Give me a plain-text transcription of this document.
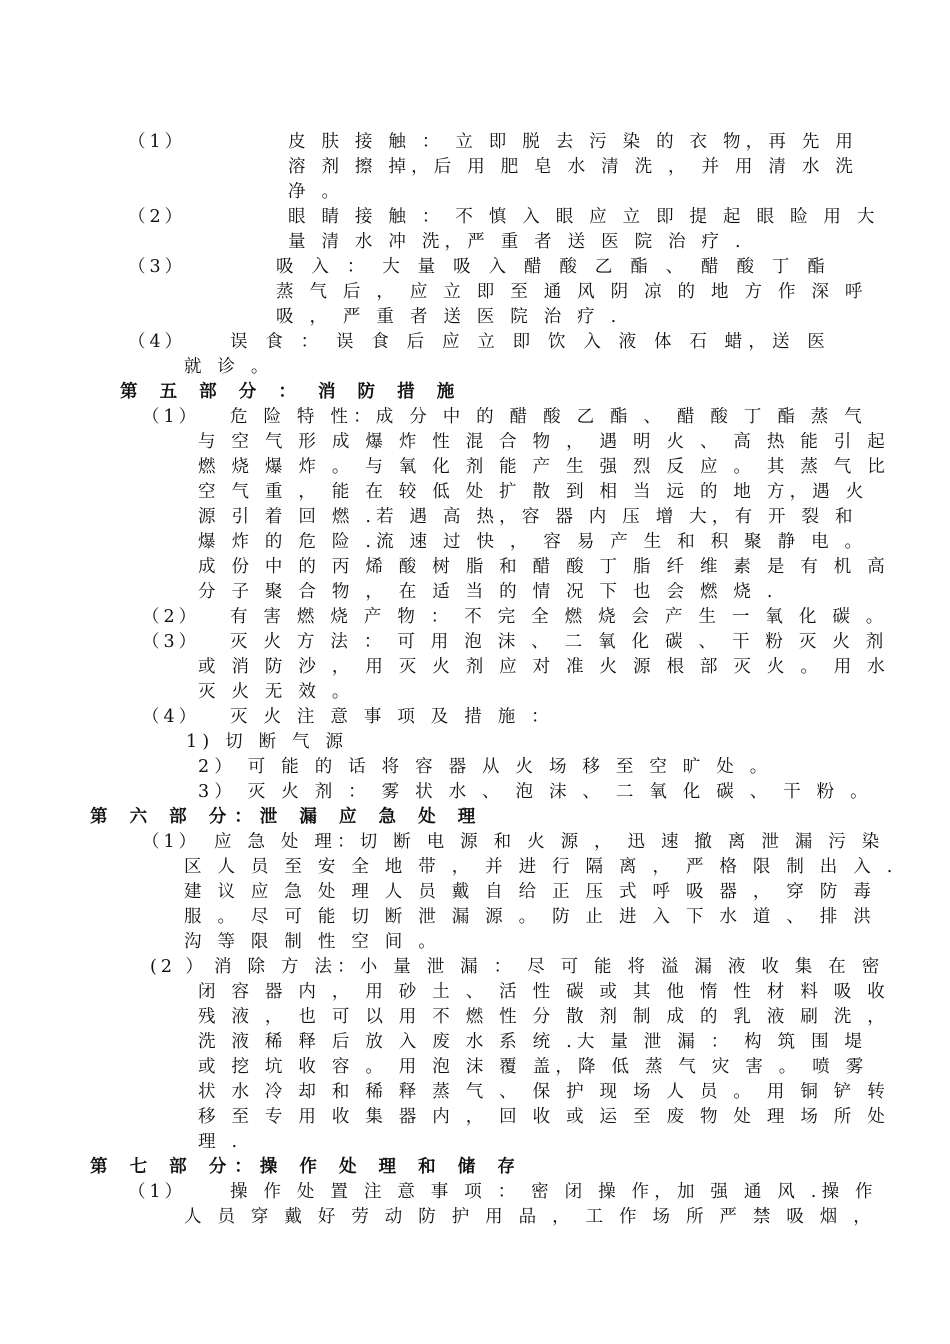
（1）	皮 肤 接 触 ： 立 即 脱 去 污 染 的 衣 物，再 先 用
溶 剂 擦 掉，后 用 肥 皂 水 清 洗 ， 并 用 清 水 洗
净 。
（2）	眼 睛 接 触 ： 不 慎 入 眼 应 立 即 提 起 眼 睑 用 大
量 清 水 冲 洗，严 重 者 送 医 院 治 疗 .
（3）	吸 入 ： 大 量 吸 入 醋 酸 乙 酯 、 醋 酸 丁 酯
蒸 气 后 ， 应 立 即 至 通 风 阴 凉 的 地 方 作 深 呼
吸 ， 严 重 者 送 医 院 治 疗 .
（4）	误 食 ： 误 食 后 应 立 即 饮 入 液 体 石 蜡，送 医
就 诊 。
第 五 部 分 ： 消 防 措 施
（1） 危 险 特 性：成 分 中 的 醋 酸 乙 酯 、 醋 酸 丁 酯 蒸 气
与 空 气 形 成 爆 炸 性 混 合 物 ， 遇 明 火 、 高 热 能 引 起
燃 烧 爆 炸 。 与 氧 化 剂 能 产 生 强 烈 反 应 。 其 蒸 气 比
空 气 重 ， 能 在 较 低 处 扩 散 到 相 当 远 的 地 方，遇 火
源 引 着 回 燃 .若 遇 高 热，容 器 内 压 增 大，有 开 裂 和
爆 炸 的 危 险 .流 速 过 快 ， 容 易 产 生 和 积 聚 静 电 。
成 份 中 的 丙 烯 酸 树 脂 和 醋 酸 丁 脂 纤 维 素 是 有 机 高
分 子 聚 合 物 ， 在 适 当 的 情 况 下 也 会 燃 烧 .
（2） 有 害 燃 烧 产 物 ： 不 完 全 燃 烧 会 产 生 一 氧 化 碳 。
（3） 灭 火 方 法 ： 可 用 泡 沫 、 二 氧 化 碳 、 干 粉 灭 火 剂
或 消 防 沙 ， 用 灭 火 剂 应 对 准 火 源 根 部 灭 火 。 用 水
灭 火 无 效 。
（4） 灭 火 注 意 事 项 及 措 施 ：
1) 切 断 气 源
2） 可 能 的 话 将 容 器 从 火 场 移 至 空 旷 处 。
3） 灭 火 剂 ： 雾 状 水 、 泡 沫 、 二 氧 化 碳 、 干 粉 。
第 六 部 分：泄 漏 应 急 处 理
（1） 应 急 处 理：切 断 电 源 和 火 源 ， 迅 速 撤 离 泄 漏 污 染
区 人 员 至 安 全 地 带 ， 并 进 行 隔 离 ， 严 格 限 制 出 入 .
建 议 应 急 处 理 人 员 戴 自 给 正 压 式 呼 吸 器 ， 穿 防 毒
服 。 尽 可 能 切 断 泄 漏 源 。 防 止 进 入 下 水 道 、 排 洪
沟 等 限 制 性 空 间 。
(2 ） 消 除 方 法：小 量 泄 漏 ： 尽 可 能 将 溢 漏 液 收 集 在 密
闭 容 器 内 ， 用 砂 土 、 活 性 碳 或 其 他 惰 性 材 料 吸 收
残 液 ， 也 可 以 用 不 燃 性 分 散 剂 制 成 的 乳 液 刷 洗 ，
洗 液 稀 释 后 放 入 废 水 系 统 .大 量 泄 漏 ： 构 筑 围 堤
或 挖 坑 收 容 。 用 泡 沫 覆 盖，降 低 蒸 气 灾 害 。 喷 雾
状 水 冷 却 和 稀 释 蒸 气 、 保 护 现 场 人 员 。 用 铜 铲 转
移 至 专 用 收 集 器 内 ， 回 收 或 运 至 废 物 处 理 场 所 处
理 .
第 七 部 分：操 作 处 理 和 储 存
（1）	操 作 处 置 注 意 事 项 ： 密 闭 操 作，加 强 通 风 .操 作
人 员 穿 戴 好 劳 动 防 护 用 品 ， 工 作 场 所 严 禁 吸 烟 ，
